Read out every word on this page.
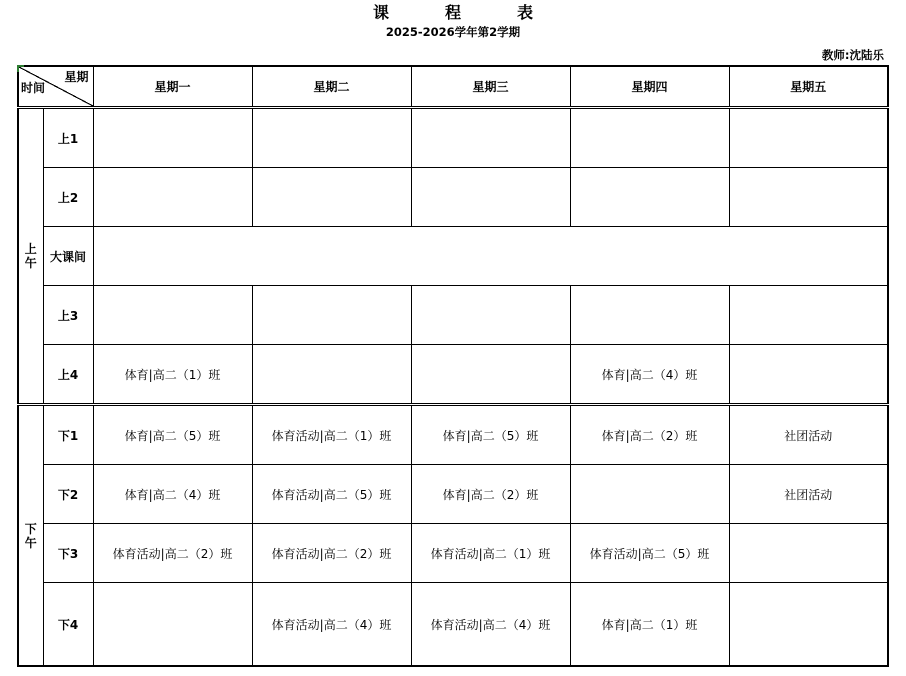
课	程	表
2025-2026学年第2学期
教师:沈陆乐
星期
时间		星期一	星期二	星期三	星期四	星期五

上
午	上1					
	上2					
	大课间					
	上3					
	上4	体育|高二（1）班			体育|高二（4）班	

下
午	下1	体育|高二（5）班	体育活动|高二（1）班	体育|高二（5）班	体育|高二（2）班	社团活动
	下2	体育|高二（4）班	体育活动|高二（5）班	体育|高二（2）班		社团活动
	下3	体育活动|高二（2）班	体育活动|高二（2）班	体育活动|高二（1）班	体育活动|高二（5）班	
	下4		体育活动|高二（4）班	体育活动|高二（4）班	体育|高二（1）班	
